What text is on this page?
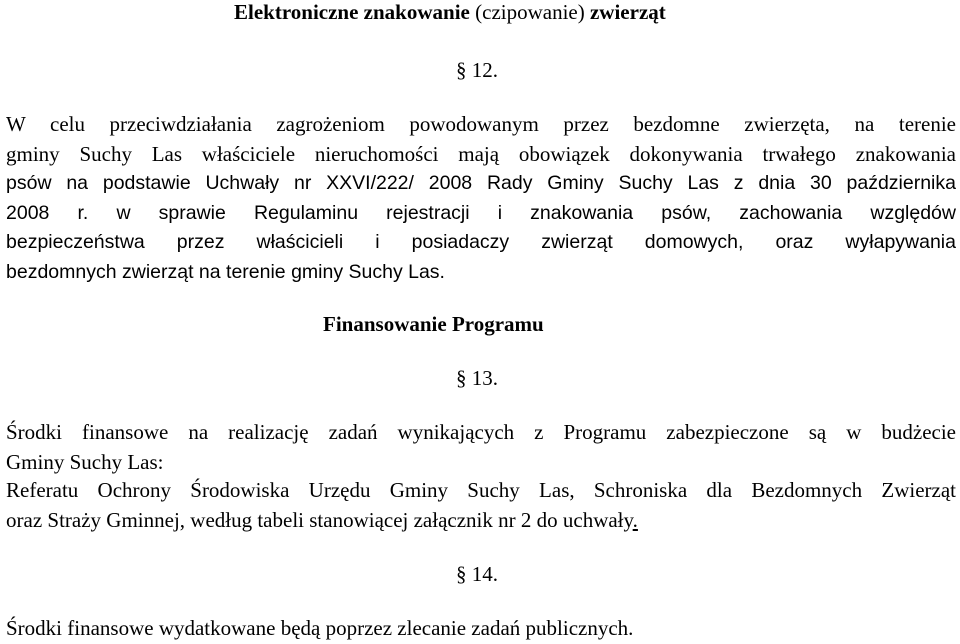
Elektroniczne znakowanie (czipowanie) zwierząt
§ 12.
W celu przeciwdziałania zagrożeniom powodowanym przez bezdomne zwierzęta, na terenie
gminy Suchy Las właściciele nieruchomości mają obowiązek dokonywania trwałego znakowania
psów na podstawie Uchwały nr XXVI/222/ 2008 Rady Gminy Suchy Las z dnia 30 października
2008 r. w sprawie Regulaminu rejestracji i znakowania psów, zachowania względów
bezpieczeństwa przez właścicieli i posiadaczy zwierząt domowych, oraz wyłapywania
bezdomnych zwierząt na terenie gminy Suchy Las.
Finansowanie Programu
§ 13.
Środki finansowe na realizację zadań wynikających z Programu zabezpieczone są w budżecie
Gminy Suchy Las:
Referatu Ochrony Środowiska Urzędu Gminy Suchy Las, Schroniska dla Bezdomnych Zwierząt
oraz Straży Gminnej, według tabeli stanowiącej załącznik nr 2 do uchwały.
§ 14.
Środki finansowe wydatkowane będą poprzez zlecanie zadań publicznych.
